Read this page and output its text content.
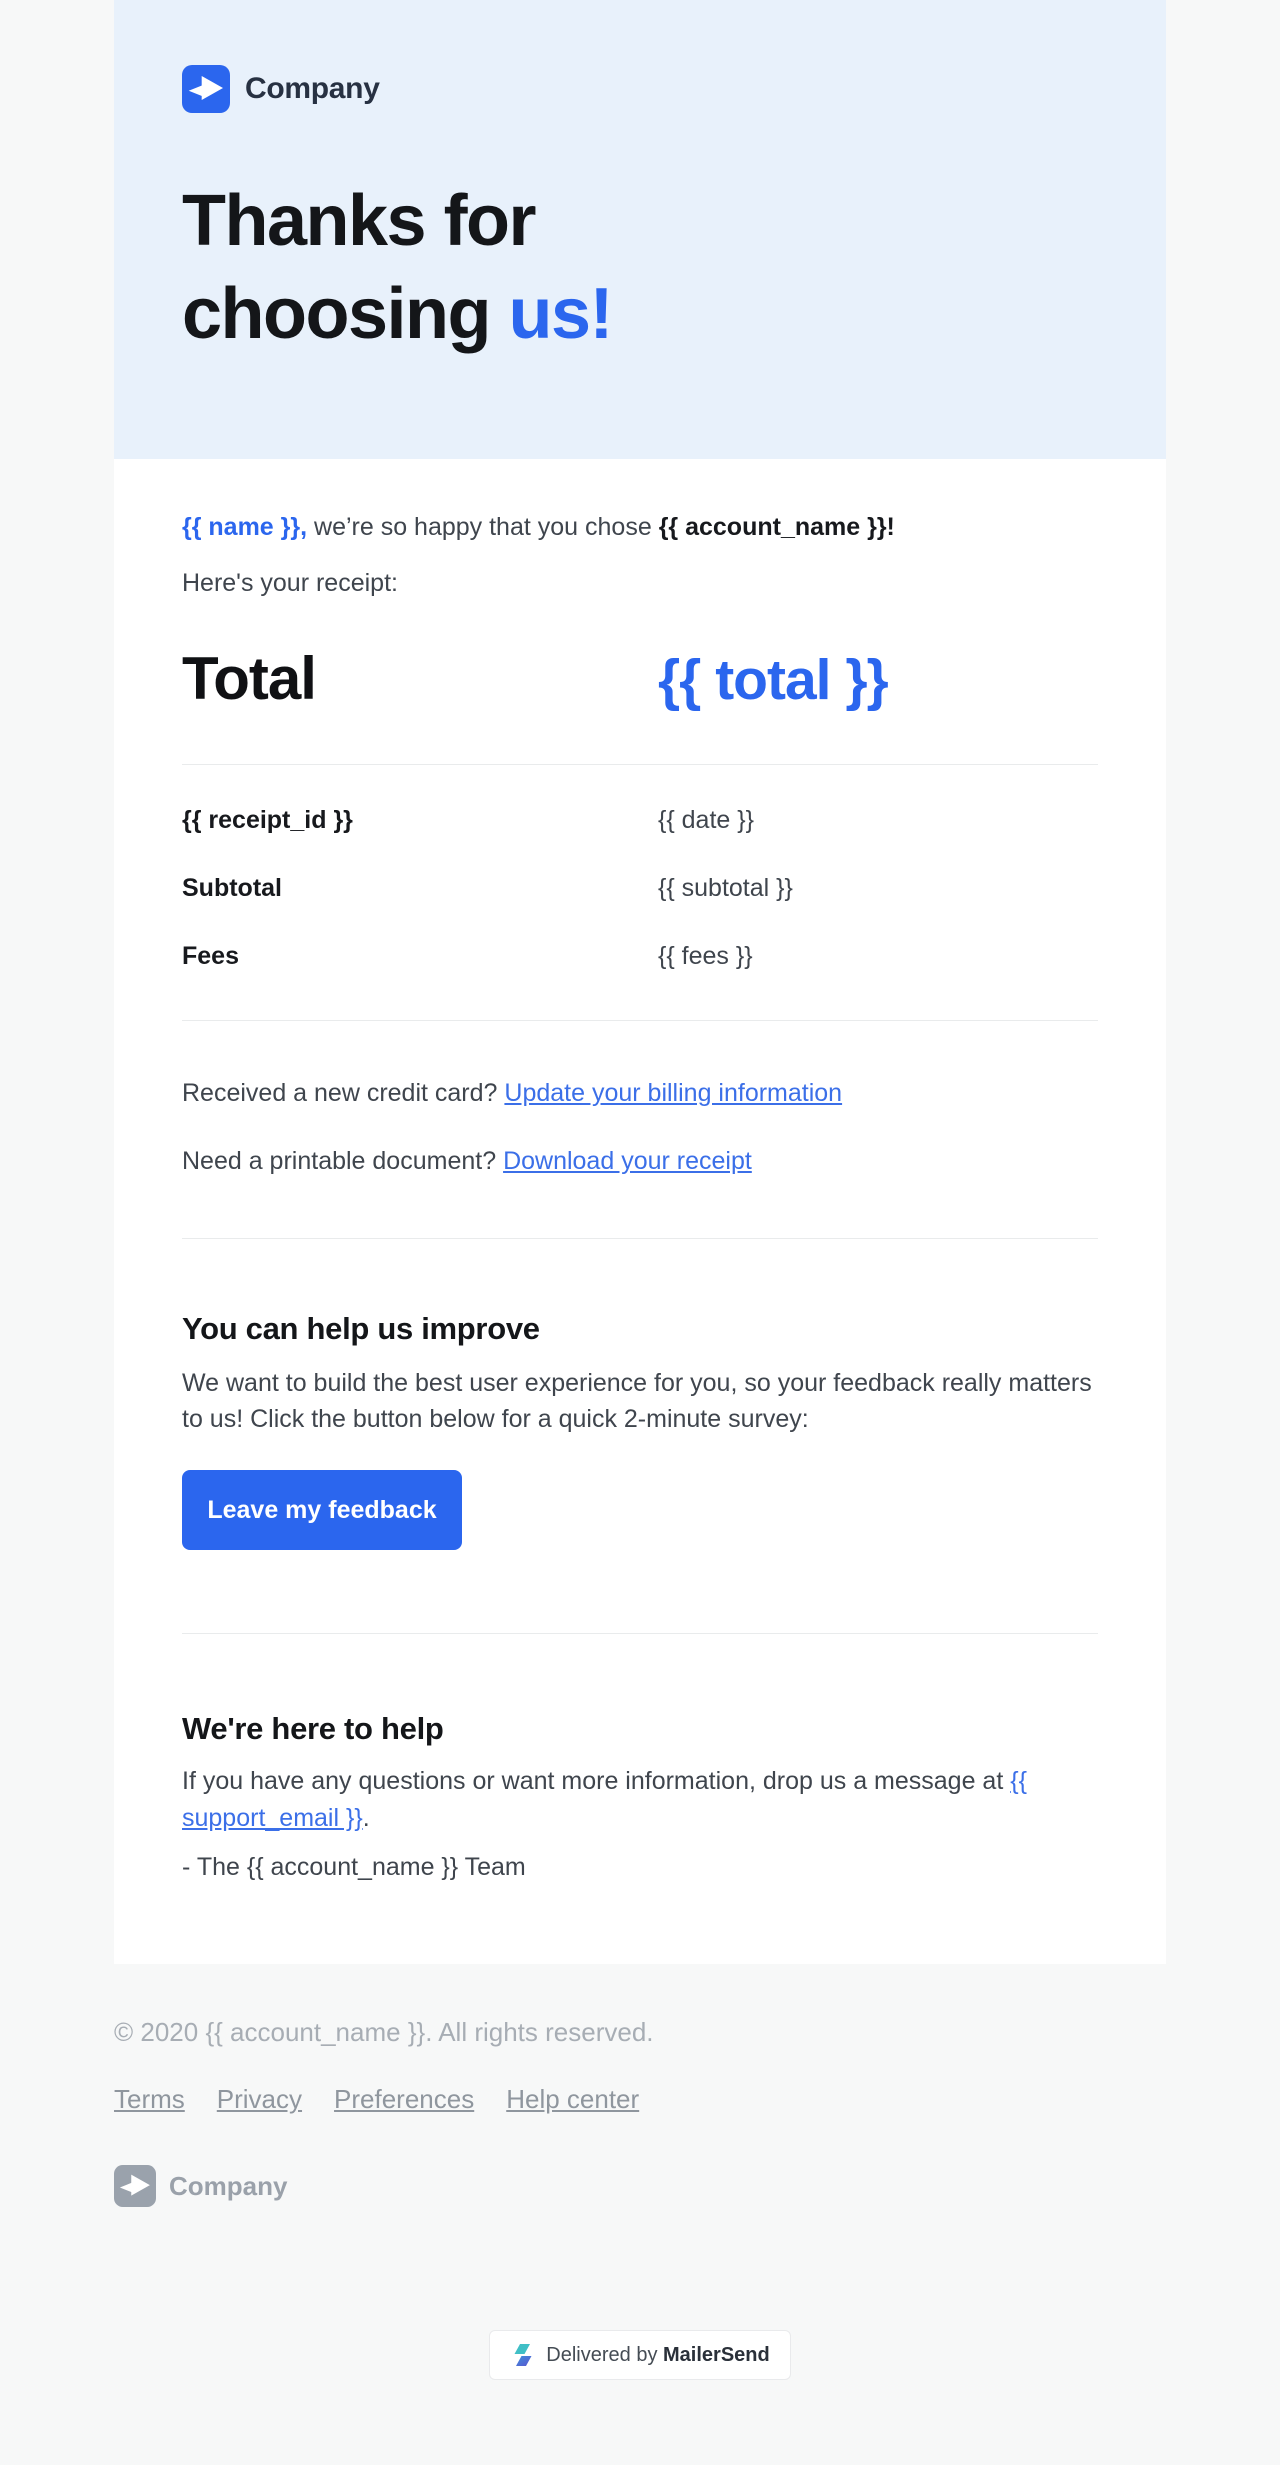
Company
Thanks for
choosing us!

{{ name }}, we’re so happy that you chose {{ account_name }}!

Here's your receipt:

Total	{{ total }}
{{ receipt_id }}	{{ date }}
Subtotal	{{ subtotal }}
Fees	{{ fees }}

Received a new credit card? Update your billing information

Need a printable document? Download your receipt

You can help us improve

We want to build the best user experience for you, so your feedback really matters to us! Click the button below for a quick 2-minute survey:

Leave my feedback
We're here to help

If you have any questions or want more information, drop us a message at {{ support_email }}.

- The {{ account_name }} Team

© 2020 {{ account_name }}. All rights reserved.

Terms Privacy Preferences Help center
Company
Delivered by MailerSend
